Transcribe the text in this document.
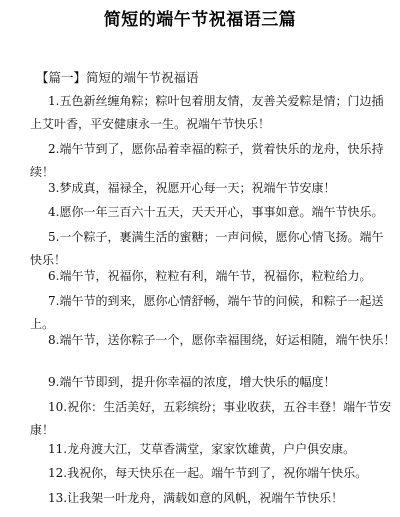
简短的端午节祝福语三篇
【篇一】简短的端午节祝福语
1.五色新丝缠角粽；粽叶包着朋友情，友善关爱粽是情；门边插
上艾叶香，平安健康永一生。祝端午节快乐！
2.端午节到了，愿你品着幸福的粽子，赏着快乐的龙舟，快乐持
续！
3.梦成真，福禄全，祝愿开心每一天；祝端午节安康！
4.愿你一年三百六十五天，天天开心，事事如意。端午节快乐。
5.一个粽子，裹满生活的蜜糖；一声问候，愿你心情飞扬。端午
快乐！
6.端午节，祝福你，粒粒有利，端午节，祝福你，粒粒给力。
7.端午节的到来，愿你心情舒畅，端午节的问候，和粽子一起送
上。
8.端午节，送你粽子一个，愿你幸福围绕，好运相随，端午快乐！
9.端午节即到，提升你幸福的浓度，增大快乐的幅度！
10.祝你：生活美好，五彩缤纷；事业收获，五谷丰登！端午节安
康！
11.龙舟渡大江，艾草香满堂，家家饮雄黄，户户俱安康。
12.我祝你，每天快乐在一起。端午节到了，祝你端午快乐。
13.让我架一叶龙舟，满载如意的风帆，祝端午节快乐！
